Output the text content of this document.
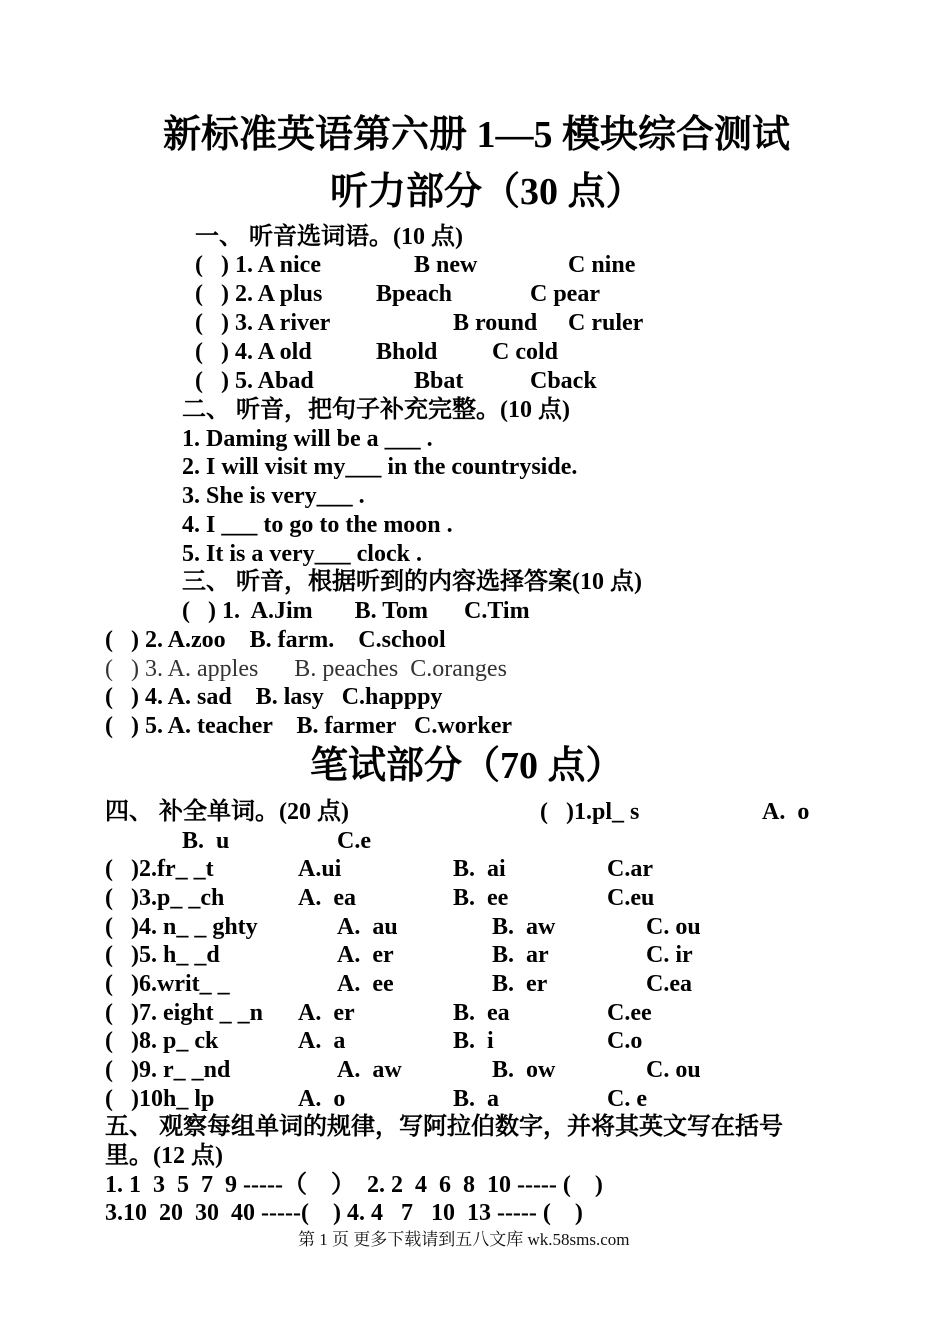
新标准英语第六册 1—5 模块综合测试
听力部分（30 点）
一、 听音选词语。(10 点)
(   ) 1. A nice	B new	C nine
(   ) 2. A plus Bpeach	C pear
(   ) 3. A river	B round C ruler
(   ) 4. A old	Bhold C cold
(   ) 5. Abad	Bbat	Cback
二、 听音，把句子补充完整。(10 点)
1. Daming will be a ___ .
2. I will visit my___ in the countryside.
3. She is very___ .
4. I ___ to go to the moon .
5. It is a very___ clock .
三、 听音，根据听到的内容选择答案(10 点)
(   ) 1.  A.Jim       B. Tom      C.Tim
(   ) 2. A.zoo    B. farm.    C.school
(   ) 3. A. apples      B. peaches  C.oranges
(   ) 4. A. sad    B. lasy   C.happpy
(   ) 5. A. teacher    B. farmer   C.worker
笔试部分（70 点）
四、 补全单词。(20 点)	(   )1.pl_ s	A.  o
B.  u	C.e
(   )2.fr_ _t	A.ui	B.  ai	C.ar
(   )3.p_ _ch	A.  ea	B.  ee	C.eu
(   )4. n_ _ ghty	A.  au	B.  aw	C. ou
(   )5. h_ _d	A.  er	B.  ar	C. ir
(   )6.writ_ _	A.  ee	B.  er	C.ea
(   )7. eight _ _n A.  er	B.  ea	C.ee
(   )8. p_ ck	A.  a	B.  i	C.o
(   )9. r_ _nd	A.  aw	B.  ow	C. ou
(   )10h_ lp	A.  o	B.  a	C. e
五、 观察每组单词的规律，写阿拉伯数字，并将其英文写在括号
里。(12 点)
1. 1  3  5  7  9 -----（    ）  2. 2  4  6  8  10 ----- (    )
3.10  20  30  40 -----(    ) 4. 4   7   10  13 ----- (    )
第 1 页 更多下载请到五八文库 wk.58sms.com
